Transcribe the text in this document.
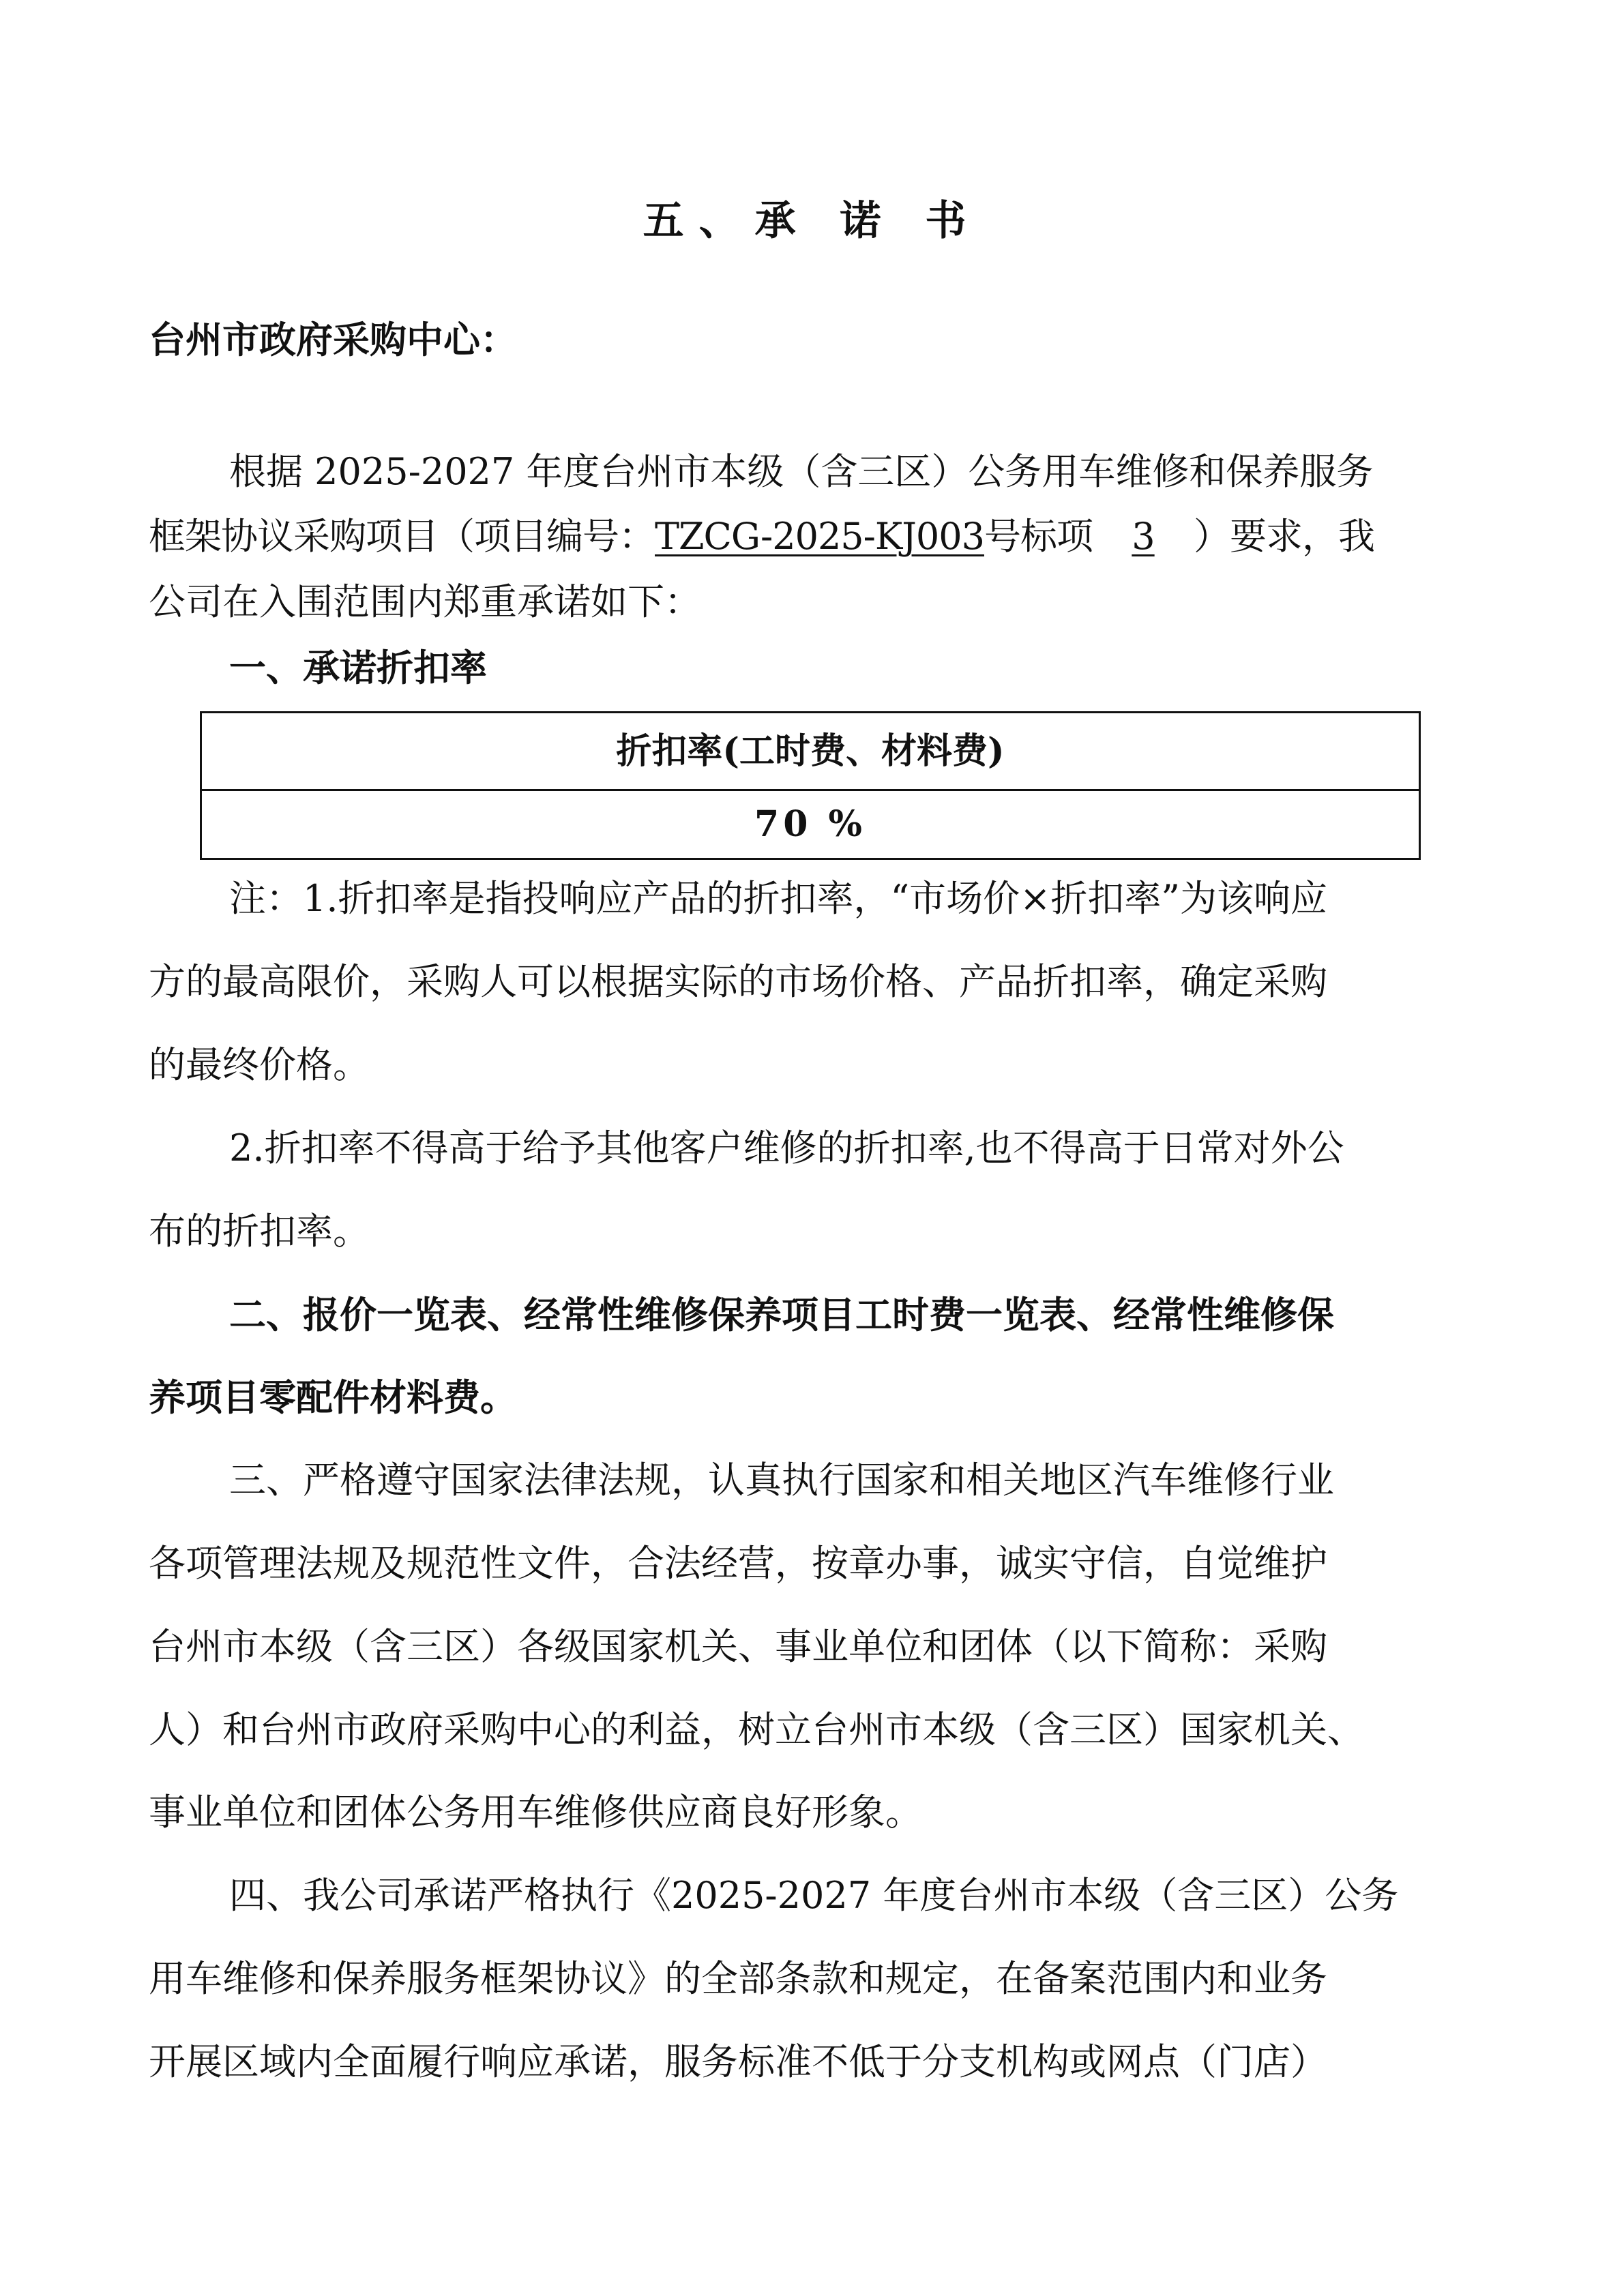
五、承 诺 书
台州市政府采购中心：
根据 2025-2027 年度台州市本级（含三区）公务用车维修和保养服务
框架协议采购项目（项目编号：TZCG-2025-KJ003号标项 3 ）要求，我
公司在入围范围内郑重承诺如下：
一、承诺折扣率
折扣率(工时费、材料费)
70 %
注：1.折扣率是指投响应产品的折扣率，“市场价×折扣率”为该响应
方的最高限价，采购人可以根据实际的市场价格、产品折扣率，确定采购
的最终价格。
2.折扣率不得高于给予其他客户维修的折扣率,也不得高于日常对外公
布的折扣率。
二、报价一览表、经常性维修保养项目工时费一览表、经常性维修保
养项目零配件材料费。
三、严格遵守国家法律法规，认真执行国家和相关地区汽车维修行业
各项管理法规及规范性文件，合法经营，按章办事，诚实守信，自觉维护
台州市本级（含三区）各级国家机关、事业单位和团体（以下简称：采购
人）和台州市政府采购中心的利益，树立台州市本级（含三区）国家机关、
事业单位和团体公务用车维修供应商良好形象。
四、我公司承诺严格执行《2025-2027 年度台州市本级（含三区）公务
用车维修和保养服务框架协议》的全部条款和规定，在备案范围内和业务
开展区域内全面履行响应承诺，服务标准不低于分支机构或网点（门店）
